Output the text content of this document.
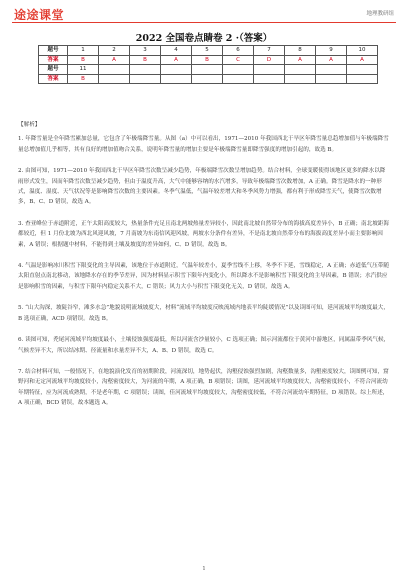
途途课堂	地理教研组
2022 全国卷点睛卷 2 ·（答案）
题号	1	2	3	4	5	6	7	8	9	10
答案	B	A	B	A	B	C	D	A	A	A
题号	11									
答案	B									

【解析】

1. 年降雪量是全年降雪累加总量，它包含了年极端降雪量。从图（a）中可以看出，1971—2010 年我国西北干旱区年降雪量总趋增加值与年极端降雪量总增加值几乎相等，其有良好的增加值吻合关系，说明年降雪量的增加主要是年极端降雪量即降雪强度的增加引起的，故选 B。

2. 由图可知，1971—2010 年我国西北干旱区年降雪次数呈减少趋势，年极端降雪次数呈增加趋势。结合材料，全球变暖使得该地区更多的降水以降雨形式发生，因而年降雪次数呈减少趋势，但由于温度升高，大气中能够容纳的水汽增多，导致年极端降雪次数增加，A 正确。降雪是降水的一种形式，温度、湿度、天气状况等是影响降雪次数的主要因素。冬季气温低，气温年较差增大和冬季风势力增强，都有利于形成降雪天气，使降雪次数增多，B、C、D 错误，故选 A。

3. 查亚峰位于赤道附近，正午太阳高度较大，热量条件充足且南北两坡热量差异较小，因此南北坡自然带分布的海拔高度差异小，B 正确；南北坡距海都较近，但 1 月份北坡为西北风迎风坡，7 月南坡为东南信风迎风坡，两坡水分条件有差异，不是南北坡自然带分布的海拔高度差异小而主要影响因素，A 错误；根据题中材料，不能得到土壤及坡度的差异如何，C、D 错误，故选 B。

4. 气温是影响冰川积雪下限变化的主导因素，该地位于赤道附近，气温年较差小，夏季雪线不上移，冬季不下延，雪线稳定，A 正确；赤道低气压带随太阳直射点南北移动，该地降水存在的季节差异，因为材料显示积雪下限年内变化小，所以降水不是影响积雪下限变化的主导因素，B 错误；水汽供应是影响积雪的因素，与积雪下限年内稳定关系不大，C 错误；风力大小与积雪下限变化无关，D 错误，故选 A。

5. “山大沟深，坡陡谷窄，滩多水急”地貌说明流域坡度大，材料“流域平均坡度反映流域内地表平均陡缓情况”以及读图可知，延河流域平均坡度最大，B 选项正确，ACD 项错误。故选 B。

6. 读图可知，秃尾河流域平均坡度最小，土壤侵蚀强度最低，所以河流含沙量较小，C 选项正确；图示河流都位于黄河中游地区，同属温带季风气候，气候差异不大，所以结冰期、径流量和水量差异不大，A、B、D 错误，故选 C。

7. 结合材料可知，一般情况下，在地貌演化发育的初期阶段，河流深切，地势起伏，沟壑侵蚀强烈加剧，沟壑数量多，沟壑密度较大，读图例可知，窟野河和无定河流域平均坡度较小，沟壑密度较大，为河流的年期，A 项正确，B 项错误；读图，延河流域平均坡度较大，沟壑密度较小，不符合河流幼年期特征，应为河流成熟期，不是老年期，C 项错误；读图，佳河流域平均坡度较大，沟壑密度较低，不符合河流幼年期特征，D 项错误。综上所述，A 项正确，BCD 错误，故本题选 A。

1
